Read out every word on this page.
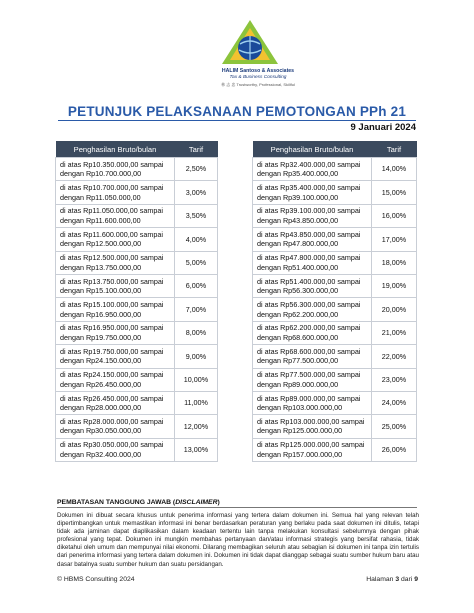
HALIM Santoso & Associates
Tax & Business Consulting
林 志 忠 Trustworthy, Professional, Skillful
PETUNJUK PELAKSANAAN PEMOTONGAN PPh 21
9 Januari 2024
Penghasilan Bruto/bulan	Tarif
di atas Rp10.350.000,00 sampai dengan Rp10.700.000,00	2,50%
di atas Rp10.700.000,00 sampai dengan Rp11.050.000,00	3,00%
di atas Rp11.050.000,00 sampai dengan Rp11.600.000,00	3,50%
di atas Rp11.600.000,00 sampai dengan Rp12.500.000,00	4,00%
di atas Rp12.500.000,00 sampai dengan Rp13.750.000,00	5,00%
di atas Rp13.750.000,00 sampai dengan Rp15.100.000,00	6,00%
di atas Rp15.100.000,00 sampai dengan Rp16.950.000,00	7,00%
di atas Rp16.950.000,00 sampai dengan Rp19.750.000,00	8,00%
di atas Rp19.750.000,00 sampai dengan Rp24.150.000,00	9,00%
di atas Rp24.150.000,00 sampai dengan Rp26.450.000,00	10,00%
di atas Rp26.450.000,00 sampai dengan Rp28.000.000,00	11,00%
di atas Rp28.000.000,00 sampai dengan Rp30.050.000,00	12,00%
di atas Rp30.050.000,00 sampai dengan Rp32.400.000,00	13,00%
Penghasilan Bruto/bulan	Tarif
di atas Rp32.400.000,00 sampai dengan Rp35.400.000,00	14,00%
di atas Rp35.400.000,00 sampai dengan Rp39.100.000,00	15,00%
di atas Rp39.100.000,00 sampai dengan Rp43.850.000,00	16,00%
di atas Rp43.850.000,00 sampai dengan Rp47.800.000,00	17,00%
di atas Rp47.800.000,00 sampai dengan Rp51.400.000,00	18,00%
di atas Rp51.400.000,00 sampai dengan Rp56.300.000,00	19,00%
di atas Rp56.300.000,00 sampai dengan Rp62.200.000,00	20,00%
di atas Rp62.200.000,00 sampai dengan Rp68.600.000,00	21,00%
di atas Rp68.600.000,00 sampai dengan Rp77.500.000,00	22,00%
di atas Rp77.500.000,00 sampai dengan Rp89.000.000,00	23,00%
di atas Rp89.000.000,00 sampai dengan Rp103.000.000,00	24,00%
di atas Rp103.000.000,00 sampai dengan Rp125.000.000,00	25,00%
di atas Rp125.000.000,00 sampai dengan Rp157.000.000,00	26,00%
PEMBATASAN TANGGUNG JAWAB (DISCLAIMER)
Dokumen ini dibuat secara khusus untuk penerima informasi yang tertera dalam dokumen ini. Semua hal yang relevan telah dipertimbangkan untuk memastikan informasi ini benar berdasarkan peraturan yang berlaku pada saat dokumen ini ditulis, tetapi tidak ada jaminan dapat diaplikasikan dalam keadaan tertentu lain tanpa melakukan konsultasi sebelumnya dengan pihak profesional yang tepat. Dokumen ini mungkin membahas pertanyaan dan/atau informasi strategis yang bersifat rahasia, tidak diketahui oleh umum dan mempunyai nilai ekonomi. Dilarang membagikan seluruh atau sebagian isi dokumen ini tanpa izin tertulis dari penerima informasi yang tertera dalam dokumen ini. Dokumen ini tidak dapat dianggap sebagai suatu sumber hukum baru atau dasar batalnya suatu sumber hukum dan suatu persidangan.
© HBMS Consulting 2024	Halaman 3 dari 9
